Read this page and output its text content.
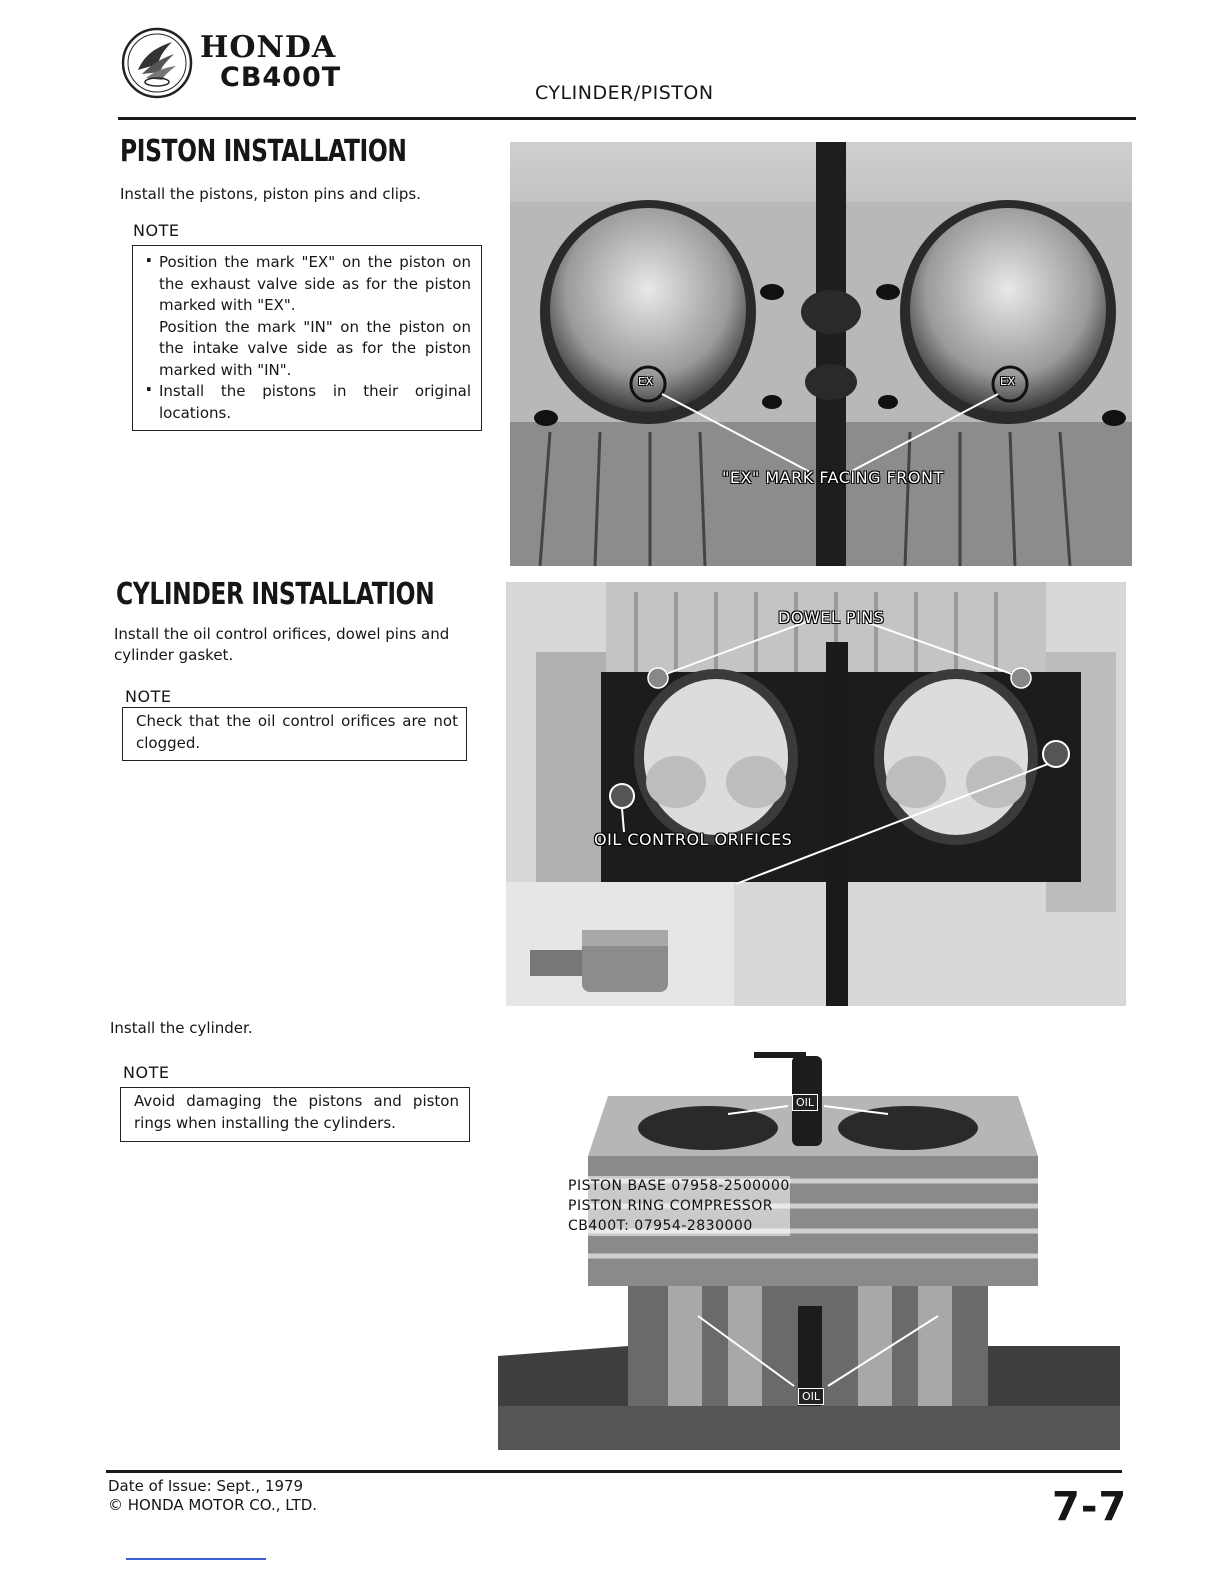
HONDA
CB400T	CYLINDER/PISTON
PISTON INSTALLATION
Install the pistons, piston pins and clips.
NOTE
· Position the mark "EX" on the piston on the exhaust valve side as for the piston marked with "EX".
Position the mark "IN" on the piston on the intake valve side as for the piston marked with "IN".
· Install the pistons in their original locations.
EX	EX
"EX" MARK FACING FRONT
CYLINDER INSTALLATION
Install the oil control orifices, dowel pins and cylinder gasket.
NOTE

Check that the oil control orifices are not clogged.

DOWEL PINS
OIL CONTROL ORIFICES
Install the cylinder.
NOTE

Avoid damaging the pistons and piston rings when installing the cylinders.

OIL
OIL
PISTON BASE 07958-2500000
PISTON RING COMPRESSOR
CB400T: 07954-2830000
Date of Issue: Sept., 1979
© HONDA MOTOR CO., LTD.	7-7
